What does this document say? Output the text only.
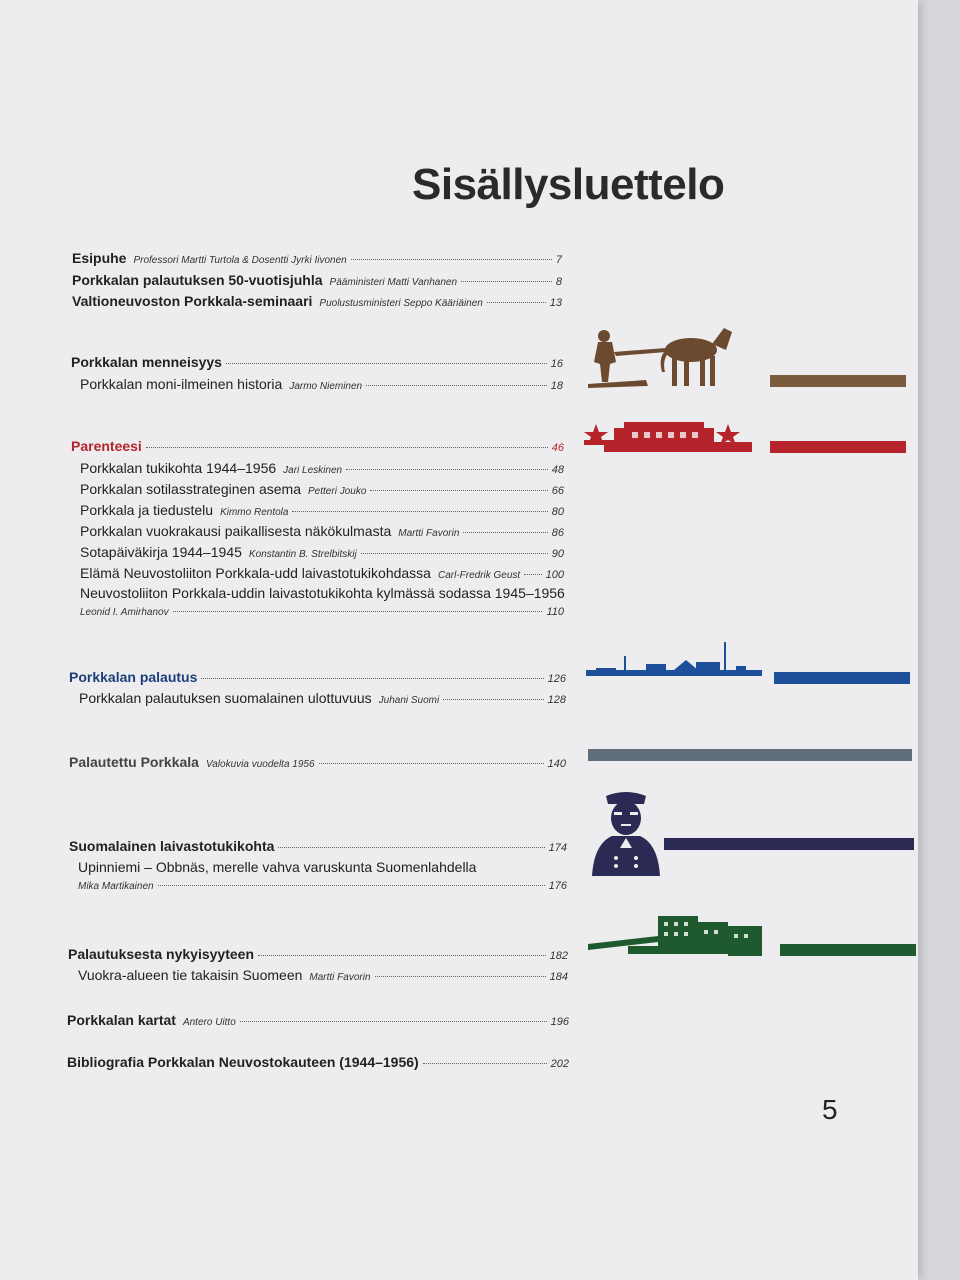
Sisällysluettelo
Esipuhe Professori Martti Turtola & Dosentti Jyrki Iivonen	7
Porkkalan palautuksen 50-vuotisjuhla Pääministeri Matti Vanhanen	8
Valtioneuvoston Porkkala-seminaari Puolustusministeri Seppo Kääriäinen	13
Porkkalan menneisyys	16
Porkkalan moni-ilmeinen historia Jarmo Nieminen	18
Parenteesi	46
Porkkalan tukikohta 1944–1956 Jari Leskinen	48
Porkkalan sotilasstrateginen asema Petteri Jouko	66
Porkkala ja tiedustelu Kimmo Rentola	80
Porkkalan vuokrakausi paikallisesta näkökulmasta Martti Favorin	86
Sotapäiväkirja 1944–1945 Konstantin B. Strelbitskij	90
Elämä Neuvostoliiton Porkkala-udd laivastotukikohdassa Carl-Fredrik Geust 100
Neuvostoliiton Porkkala-uddin laivastotukikohta kylmässä sodassa 1945–1956
Leonid I. Amirhanov	110
Porkkalan palautus	126
Porkkalan palautuksen suomalainen ulottuvuus Juhani Suomi	128
Palautettu Porkkala Valokuvia vuodelta 1956	140
Suomalainen laivastotukikohta	174
Upinniemi – Obbnäs, merelle vahva varuskunta Suomenlahdella
Mika Martikainen	176
Palautuksesta nykyisyyteen	182
Vuokra-alueen tie takaisin Suomeen Martti Favorin	184
Porkkalan kartat Antero Uitto	196
Bibliografia Porkkalan Neuvostokauteen (1944–1956)	202
5
